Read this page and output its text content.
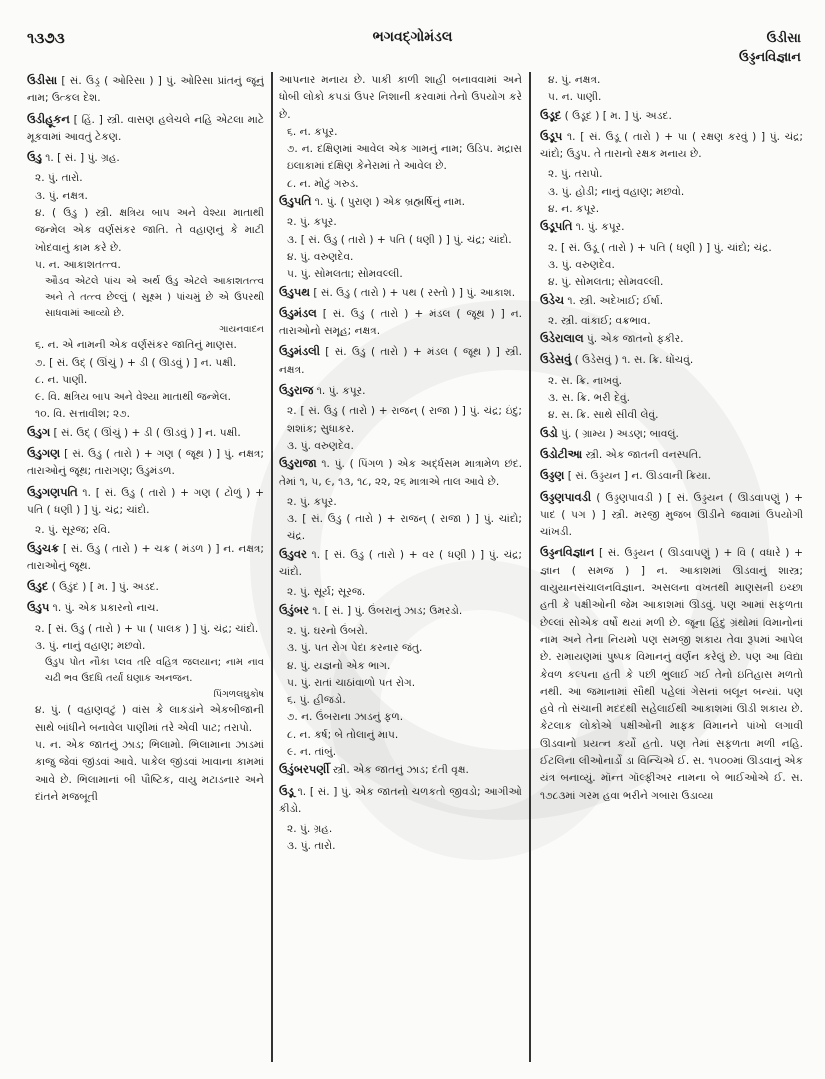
૧૩૭૩	ભગવદ્ગોમંડલ	ઉડીસા
ઉડ્ડનવિજ્ઞાન
ઉડીસા [ સં. ઉડ્ર ( ઓરિસા ) ] પું. ઓરિસા પ્રાંતનું જૂનું નામ; ઉત્કલ દેશ.
ઉડીહૂકન [ હિં. ] સ્ત્રી. વાસણ હલેચલે નહિ એટલા માટે મૂકવામાં આવતું ટેકણ.
ઉડુ ૧. [ સં. ] પું. ગ્રહ.
૨. પું. તારો.
૩. પું. નક્ષત્ર.
૪. ( ઉડુ ) સ્ત્રી. ક્ષત્રિય બાપ અને વેશ્યા માતાથી જન્મેલ એક વર્ણસંકર જાતિ. તે વહાણનું કે માટી ખોદવાનું કામ કરે છે.
૫. ન. આકાશતત્ત્વ.
ઔડવ એટલે પાંચ એ અર્થ ઉડુ એટલે આકાશતત્ત્વ અને તે તત્ત્વ છેલ્લું ( સૂક્ષ્મ ) પાંચમું છે એ ઉપરથી સાધવામાં આવ્યો છે.
ગાયનવાદન
૬. ન. એ નામની એક વર્ણસંકર જાતિનું માણસ.
૭. [ સં. ઉદ્ ( ઊંચું ) + ડી ( ઊડવું ) ] ન. પક્ષી.
૮. ન. પાણી.
૯. વિ. ક્ષત્રિય બાપ અને વેશ્યા માતાથી જન્મેલ.
૧૦. વિ. સત્તાવીશ; ૨૭.
ઉડુગ [ સં. ઉદ્ ( ઊંચું ) + ડી ( ઊડવું ) ] ન. પક્ષી.
ઉડુગણ [ સં. ઉડુ ( તારો ) + ગણ ( જૂથ ) ] પું. નક્ષત્ર; તારાઓનું જૂથ; તારાગણ; ઉડુમંડળ.
ઉડુગણપતિ ૧. [ સં. ઉડુ ( તારો ) + ગણ ( ટોળું ) + પતિ ( ધણી ) ] પું. ચંદ્ર; ચાંદો.
૨. પું. સૂરજ; રવિ.
ઉડુચક્ર [ સં. ઉડુ ( તારો ) + ચક્ર ( મંડળ ) ] ન. નક્ષત્ર; તારાઓનું જૂથ.
ઉડુદ ( ઉડુંદ ) [ મ. ] પું. અડદ.
ઉડુપ ૧. પું. એક પ્રકારનો નાચ.
૨. [ સં. ઉડુ ( તારો ) + પા ( પાલક ) ] પું. ચંદ્ર; ચાંદો.
૩. પું. નાનું વહાણ; મછવો.
ઉડુપ પોત નૌકા પ્લવ તરિ વહિત્ર જલયાન; નામ નાવ ચઢી ભવ ઉદધિ તર્યાં ઘણાક અનજન.
પિંગળલઘુકોષ
૪. પું. ( વહાણવટું ) વાંસ કે લાકડાંને એકબીજાની સાથે બાંધીને બનાવેલ પાણીમાં તરે એવી પાટ; તરાપો.
૫. ન. એક જાતનું ઝાડ; ભિલામો. ભિલામાના ઝાડમાં કાજુ જેવાં જીંડવાં આવે. પાકેલ જીંડવાં ખાવાના કામમાં આવે છે. ભિલામાનાં બી પૌષ્ટિક, વાયુ મટાડનાર અને દાંતને મજબૂતી
આપનાર મનાય છે. પાકી કાળી શાહી બનાવવામાં અને ધોબી લોકો કપડાં ઉપર નિશાની કરવામાં તેનો ઉપયોગ કરે છે.
૬. ન. કપૂર.
૭. ન. દક્ષિણમાં આવેલ એક ગામનું નામ; ઉડિપ. મદ્રાસ ઇલાકામાં દક્ષિણ કેનેરામાં તે આવેલ છે.
૮. ન. મોટું ગરુડ.
ઉડુપતિ ૧. પું. ( પુરાણ ) એક બ્રહ્મર્ષિનું નામ.
૨. પું. કપૂર.
૩. [ સં. ઉડુ ( તારો ) + પતિ ( ધણી ) ] પું. ચંદ્ર; ચાંદો.
૪. પું. વરુણદેવ.
૫. પું. સોમલતા; સોમવલ્લી.
ઉડુપથ [ સં. ઉડુ ( તારો ) + પથ ( રસ્તો ) ] પું. આકાશ.
ઉડુમંડલ [ સં. ઉડુ ( તારો ) + મંડલ ( જૂથ ) ] ન. તારાઓનો સમૂહ; નક્ષત્ર.
ઉડુમંડલી [ સં. ઉડુ ( તારો ) + મંડલ ( જૂથ ) ] સ્ત્રી. નક્ષત્ર.
ઉડુરાજ ૧. પું. કપૂર.
૨. [ સં. ઉડુ ( તારો ) + રાજન્ ( રાજા ) ] પું. ચંદ્ર; ઇંદુ; શશાંક; સુધાકર.
૩. પું. વરુણદેવ.
ઉડુરાજા ૧. પું. ( પિંગળ ) એક અર્દ્ધસમ માત્રામેળ છંદ. તેમાં ૧, ૫, ૯, ૧૩, ૧૮, ૨૨, ૨૬ માત્રાએ તાલ આવે છે.
૨. પું. કપૂર.
૩. [ સં. ઉડુ ( તારો ) + રાજન્ ( રાજા ) ] પું. ચાંદો; ચંદ્ર.
ઉડુવર ૧. [ સં. ઉડુ ( તારો ) + વર ( ધણી ) ] પું. ચંદ્ર; ચાંદો.
૨. પું. સૂર્ય; સૂરજ.
ઉડુંબર ૧. [ સં. ] પું. ઉંબરાનું ઝાડ; ઉમરડો.
૨. પું. ઘરનો ઉંબરો.
૩. પું. પત રોગ પેદા કરનાર જંતુ.
૪. પું. યજ્ઞનો એક ભાગ.
૫. પું. રાતાં ચાઠાંવાળો પત રોગ.
૬. પું. હીજડો.
૭. ન. ઉંબરાના ઝાડનું ફળ.
૮. ન. કર્ષ; બે તોલાનું માપ.
૯. ન. તાંબું.
ઉડુંબરપર્ણી સ્ત્રી. એક જાતનું ઝાડ; દંતી વૃક્ષ.
ઉડૂ ૧. [ સં. ] પું. એક જાતનો ચળકતો જીવડો; આગીઓ કીડો.
૨. પું. ગ્રહ.
૩. પું. તારો.
૪. પું. નક્ષત્ર.
૫. ન. પાણી.
ઉડૂદ ( ઉડૂદ ) [ મ. ] પું. અડદ.
ઉડૂપ ૧. [ સં. ઉડૂ ( તારો ) + પા ( રક્ષણ કરવું ) ] પું. ચંદ્ર; ચાંદો; ઉડુપ. તે તારાનો રક્ષક મનાય છે.
૨. પું. તરાપો.
૩. પું. હોડી; નાનું વહાણ; મછવો.
૪. ન. કપૂર.
ઉડૂપતિ ૧. પું. કપૂર.
૨. [ સં. ઉડૂ ( તારો ) + પતિ ( ધણી ) ] પું. ચાંદો; ચંદ્ર.
૩. પું. વરુણદેવ.
૪. પું. સોમલતા; સોમવલ્લી.
ઉડેચ ૧. સ્ત્રી. અદેખાઈ; ઈર્ષા.
૨. સ્ત્રી. વાંકાઈ; વક્રભાવ.
ઉડેરાલાલ પું. એક જાતનો ફકીર.
ઉડેસવું ( ઉડેસવું ) ૧. સ. ક્રિ. ધોંચવું.
૨. સ. ક્રિ. નાખવું.
૩. સ. ક્રિ. ભરી દેવું.
૪. સ. ક્રિ. સાથે સીવી લેવું.
ઉડો પું. ( ગ્રામ્ય ) અડણ; બાવલું.
ઉડોટીઆ સ્ત્રી. એક જાતની વનસ્પતિ.
ઉડ્ડણ [ સં. ઉડ્ડયન ] ન. ઊડવાની ક્રિયા.
ઉડ્ડણપાવડી ( ઉડ્ડણપાવડી ) [ સં. ઉડ્ડયન ( ઊડવાપણું ) + પાદ ( પગ ) ] સ્ત્રી. મરજી મુજબ ઊડીને જવામાં ઉપયોગી ચાંખડી.
ઉડ્ડનવિજ્ઞાન [ સં. ઉડ્ડયન ( ઊડવાપણું ) + વિ ( વધારે ) + જ્ઞાન ( સમજ ) ] ન. આકાશમાં ઊડવાનું શાસ્ત્ર; વાયુયાનસંચાલનવિજ્ઞાન. અસલના વખતથી માણસની ઇચ્છા હતી કે પક્ષીઓની જેમ આકાશમાં ઊડવું. પણ આમાં સફળતા છેલ્લાં સોએક વર્ષો થયાં મળી છે. જૂના હિંદુ ગ્રંથોમાં વિમાનોનાં નામ અને તેના નિયમો પણ સમજી શકાય તેવા રૂપમાં આપેલ છે. રામાયણમાં પુષ્પક વિમાનનું વર્ણન કરેલું છે. પણ આ વિદ્યા કેવળ કલ્પના હતી કે પછી ભુલાઈ ગઈ તેનો ઇતિહાસ મળતો નથી. આ જમાનામાં સૌથી પહેલાં ગેસનાં બલૂન બન્યાં. પણ હવે તો સંચાની મદદથી સહેલાઈથી આકાશમાં ઊડી શકાય છે. કેટલાક લોકોએ પક્ષીઓની માફક વિમાનને પાંખો લગાવી ઊડવાનો પ્રયત્ન કર્યો હતો. પણ તેમાં સફળતા મળી નહિ. ઈટલિના લીઓનાર્ડો ડા વિન્ચિએ ઈ. સ. ૧૫૦૦માં ઊડવાનું એક યંત્ર બનાવ્યું. મૉન્ત ગૉલ્ફીઅર નામના બે ભાઈઓએ ઈ. સ. ૧૭૮૩માં ગરમ હવા ભરીને ગબારા ઉડાવ્યા
